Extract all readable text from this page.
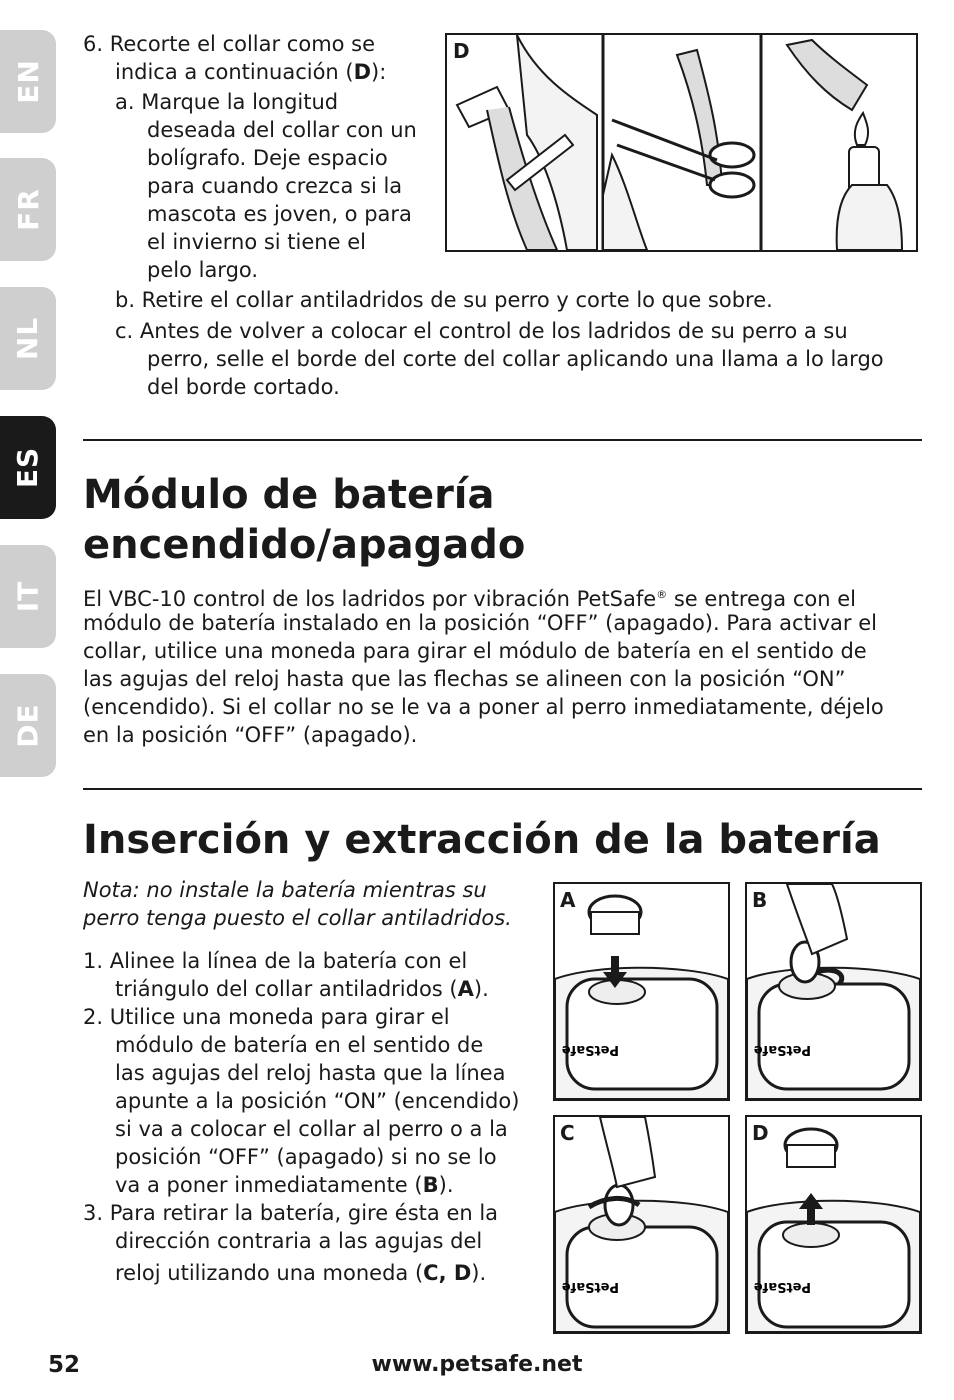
EN
FR
NL
ES
IT
DE

6. Recorte el collar como se

indica a continuación (D):

a. Marque la longitud

deseada del collar con un

bolígrafo. Deje espacio

para cuando crezca si la

mascota es joven, o para

el invierno si tiene el

pelo largo.

b. Retire el collar antiladridos de su perro y corte lo que sobre.

c. Antes de volver a colocar el control de los ladridos de su perro a su

perro, selle el borde del corte del collar aplicando una llama a lo largo

del borde cortado.

D
Módulo de batería
encendido/apagado

El VBC-10 control de los ladridos por vibración PetSafe® se entrega con el

módulo de batería instalado en la posición “OFF” (apagado). Para activar el

collar, utilice una moneda para girar el módulo de batería en el sentido de

las agujas del reloj hasta que las flechas se alineen con la posición “ON”

(encendido). Si el collar no se le va a poner al perro inmediatamente, déjelo

en la posición “OFF” (apagado).

Inserción y extracción de la batería

Nota: no instale la batería mientras su

perro tenga puesto el collar antiladridos.

1. Alinee la línea de la batería con el

triángulo del collar antiladridos (A).

2. Utilice una moneda para girar el

módulo de batería en el sentido de

las agujas del reloj hasta que la línea

apunte a la posición “ON” (encendido)

si va a colocar el collar al perro o a la

posición “OFF” (apagado) si no se lo

va a poner inmediatamente (B).

3. Para retirar la batería, gire ésta en la

dirección contraria a las agujas del

reloj utilizando una moneda (C, D).

PetSafe
A
PetSafe
B
PetSafe
C
PetSafe
D
52	www.petsafe.net
